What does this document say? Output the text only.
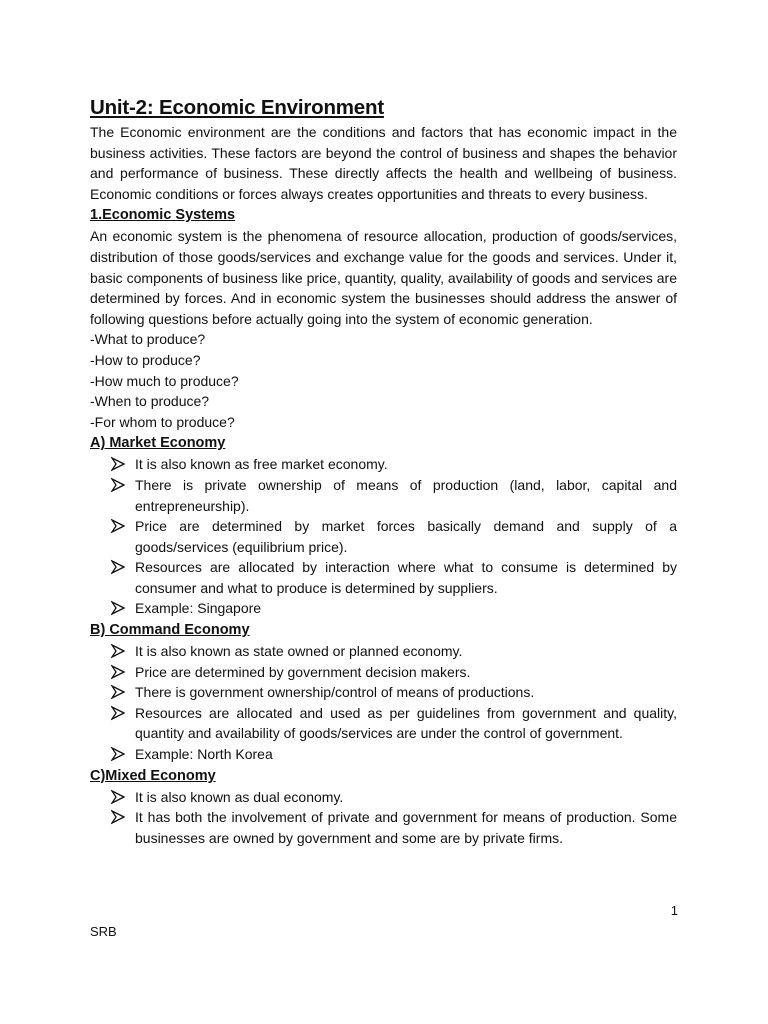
Unit-2: Economic Environment

The Economic environment are the conditions and factors that has economic impact in the business activities. These factors are beyond the control of business and shapes the behavior and performance of business. These directly affects the health and wellbeing of business. Economic conditions or forces always creates opportunities and threats to every business.

1.Economic Systems

An economic system is the phenomena of resource allocation, production of goods/services, distribution of those goods/services and exchange value for the goods and services. Under it, basic components of business like price, quantity, quality, availability of goods and services are determined by forces. And in economic system the businesses should address the answer of following questions before actually going into the system of economic generation.

-What to produce?

-How to produce?

-How much to produce?

-When to produce?

-For whom to produce?

A) Market Economy
It is also known as free market economy.
There is private ownership of means of production (land, labor, capital and entrepreneurship).
Price are determined by market forces basically demand and supply of a goods/services (equilibrium price).
Resources are allocated by interaction where what to consume is determined by consumer and what to produce is determined by suppliers.
Example: Singapore
B) Command Economy
It is also known as state owned or planned economy.
Price are determined by government decision makers.
There is government ownership/control of means of productions.
Resources are allocated and used as per guidelines from government and quality, quantity and availability of goods/services are under the control of government.
Example: North Korea
C)Mixed Economy
It is also known as dual economy.
It has both the involvement of private and government for means of production. Some businesses are owned by government and some are by private firms.
1
SRB
